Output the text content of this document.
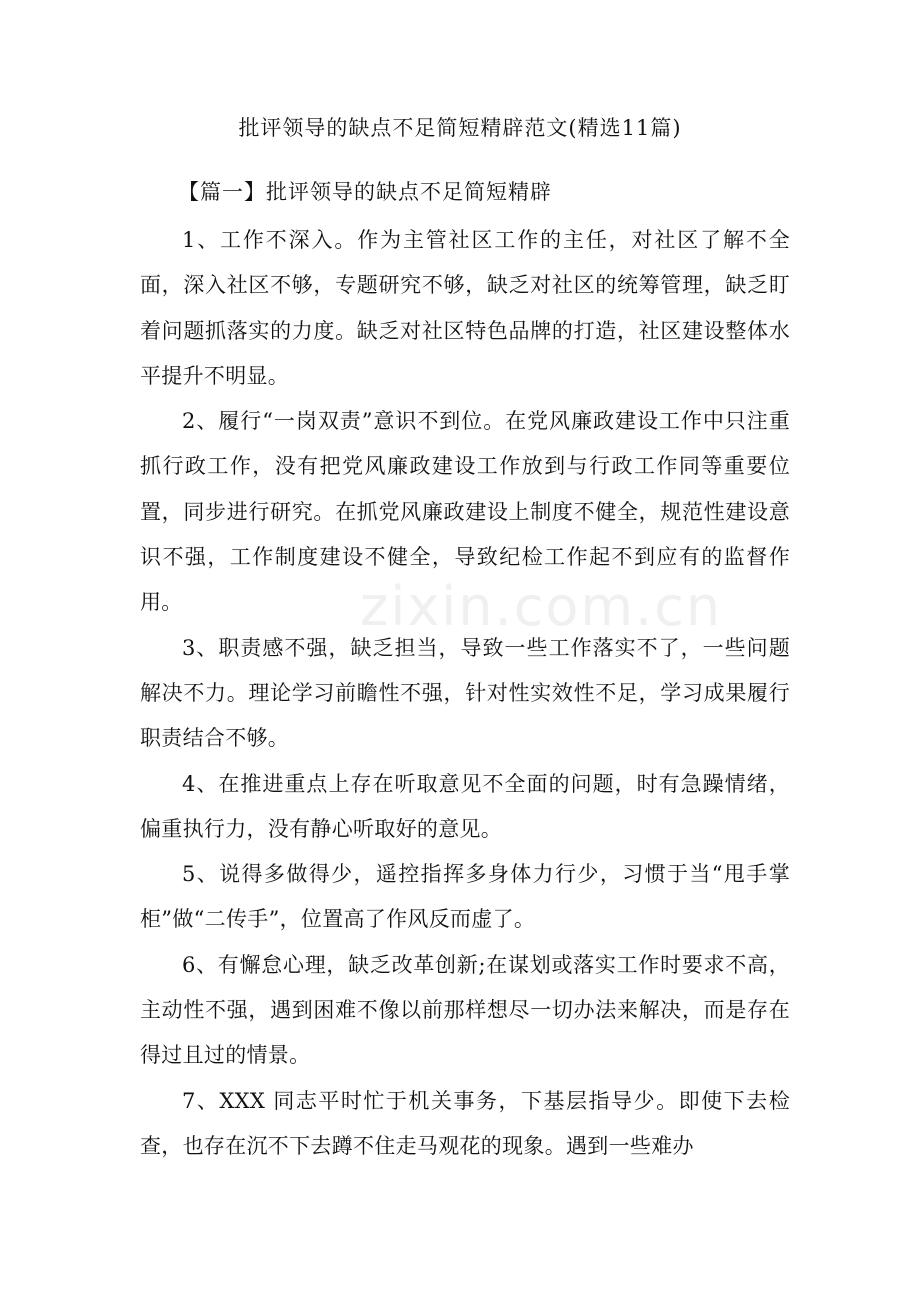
zixin.com.cn
批评领导的缺点不足简短精辟范文(精选11篇)
【篇一】批评领导的缺点不足简短精辟

1、工作不深入。作为主管社区工作的主任，对社区了解不全面，深入社区不够，专题研究不够，缺乏对社区的统筹管理，缺乏盯着问题抓落实的力度。缺乏对社区特色品牌的打造，社区建设整体水平提升不明显。

2、履行“一岗双责”意识不到位。在党风廉政建设工作中只注重抓行政工作，没有把党风廉政建设工作放到与行政工作同等重要位置，同步进行研究。在抓党风廉政建设上制度不健全，规范性建设意识不强，工作制度建设不健全，导致纪检工作起不到应有的监督作用。

3、职责感不强，缺乏担当，导致一些工作落实不了，一些问题解决不力。理论学习前瞻性不强，针对性实效性不足，学习成果履行职责结合不够。

4、在推进重点上存在听取意见不全面的问题，时有急躁情绪，偏重执行力，没有静心听取好的意见。

5、说得多做得少，遥控指挥多身体力行少，习惯于当“甩手掌柜”做“二传手”，位置高了作风反而虚了。

6、有懈怠心理，缺乏改革创新;在谋划或落实工作时要求不高，主动性不强，遇到困难不像以前那样想尽一切办法来解决，而是存在得过且过的情景。

7、XXX 同志平时忙于机关事务，下基层指导少。即使下去检查，也存在沉不下去蹲不住走马观花的现象。遇到一些难办
